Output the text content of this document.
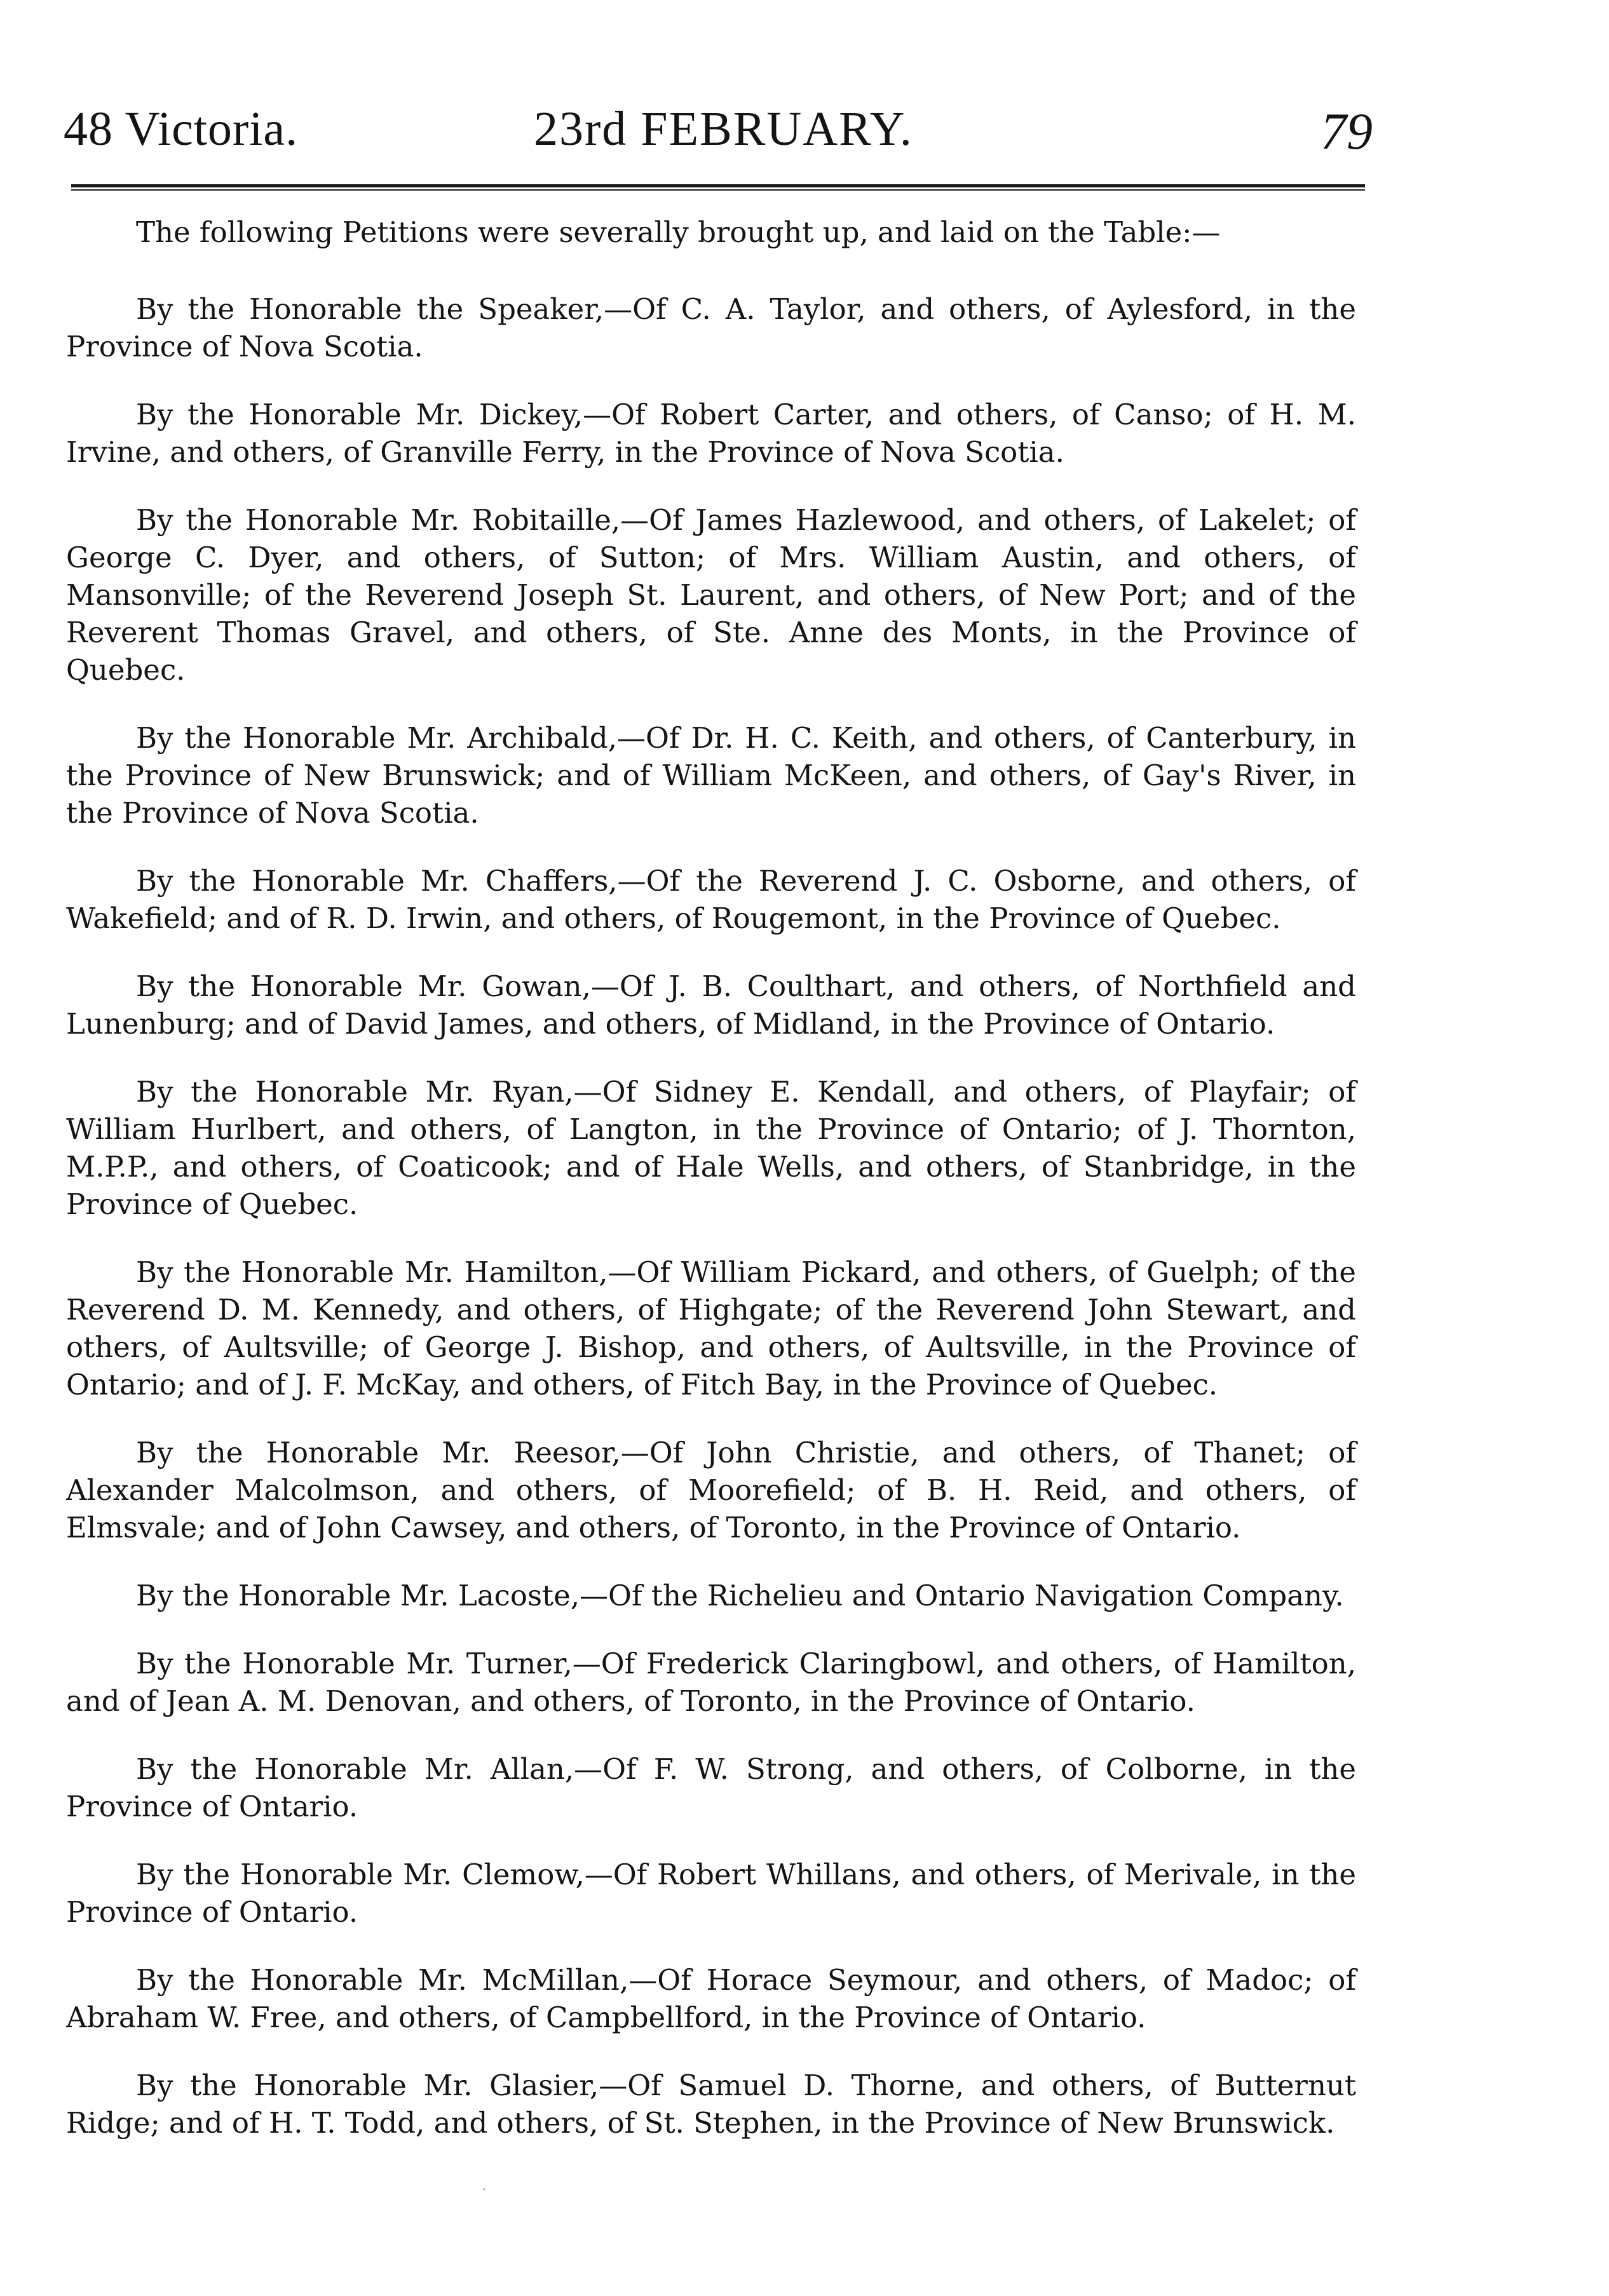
48 Victoria.	23rd FEBRUARY.	79

The following Petitions were severally brought up, and laid on the Table:—

By the Honorable the Speaker,—Of C. A. Taylor, and others, of Aylesford, in the Province of Nova Scotia.

By the Honorable Mr. Dickey,—Of Robert Carter, and others, of Canso; of H. M. Irvine, and others, of Granville Ferry, in the Province of Nova Scotia.

By the Honorable Mr. Robitaille,—Of James Hazlewood, and others, of Lakelet; of George C. Dyer, and others, of Sutton; of Mrs. William Austin, and others, of Mansonville; of the Reverend Joseph St. Laurent, and others, of New Port; and of the Reverent Thomas Gravel, and others, of Ste. Anne des Monts, in the Province of Quebec.

By the Honorable Mr. Archibald,—Of Dr. H. C. Keith, and others, of Canterbury, in the Province of New Brunswick; and of William McKeen, and others, of Gay's River, in the Province of Nova Scotia.

By the Honorable Mr. Chaffers,—Of the Reverend J. C. Osborne, and others, of Wakefield; and of R. D. Irwin, and others, of Rougemont, in the Province of Quebec.

By the Honorable Mr. Gowan,—Of J. B. Coulthart, and others, of Northfield and Lunenburg; and of David James, and others, of Midland, in the Province of Ontario.

By the Honorable Mr. Ryan,—Of Sidney E. Kendall, and others, of Playfair; of William Hurlbert, and others, of Langton, in the Province of Ontario; of J. Thornton, M.P.P., and others, of Coaticook; and of Hale Wells, and others, of Stanbridge, in the Province of Quebec.

By the Honorable Mr. Hamilton,—Of William Pickard, and others, of Guelph; of the Reverend D. M. Kennedy, and others, of Highgate; of the Reverend John Stewart, and others, of Aultsville; of George J. Bishop, and others, of Aultsville, in the Province of Ontario; and of J. F. McKay, and others, of Fitch Bay, in the Province of Quebec.

By the Honorable Mr. Reesor,—Of John Christie, and others, of Thanet; of Alexander Malcolmson, and others, of Moorefield; of B. H. Reid, and others, of Elmsvale; and of John Cawsey, and others, of Toronto, in the Province of Ontario.

By the Honorable Mr. Lacoste,—Of the Richelieu and Ontario Navigation Company.

By the Honorable Mr. Turner,—Of Frederick Claringbowl, and others, of Hamilton, and of Jean A. M. Denovan, and others, of Toronto, in the Province of Ontario.

By the Honorable Mr. Allan,—Of F. W. Strong, and others, of Colborne, in the Province of Ontario.

By the Honorable Mr. Clemow,—Of Robert Whillans, and others, of Merivale, in the Province of Ontario.

By the Honorable Mr. McMillan,—Of Horace Seymour, and others, of Madoc; of Abraham W. Free, and others, of Campbellford, in the Province of Ontario.

By the Honorable Mr. Glasier,—Of Samuel D. Thorne, and others, of Butternut Ridge; and of H. T. Todd, and others, of St. Stephen, in the Province of New Brunswick.
